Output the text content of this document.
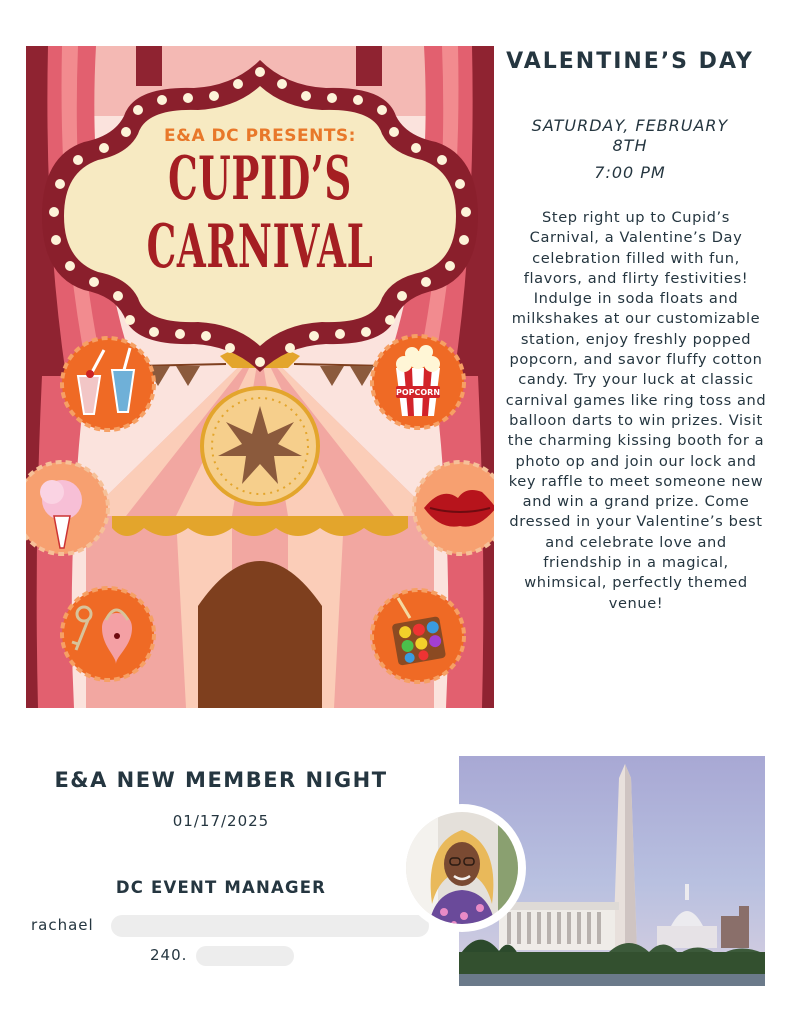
POPCORN
E&A DC PRESENTS:
CUPID’S
CARNIVAL
VALENTINE’S DAY
SATURDAY, FEBRUARY
8TH
7:00 PM
Step right up to Cupid’s Carnival, a Valentine’s Day celebration filled with fun, flavors, and flirty festivities! Indulge in soda floats and milkshakes at our customizable station, enjoy freshly popped popcorn, and savor fluffy cotton candy. Try your luck at classic carnival games like ring toss and balloon darts to win prizes. Visit the charming kissing booth for a photo op and join our lock and key raffle to meet someone new and win a grand prize. Come dressed in your Valentine’s best and celebrate love and friendship in a magical, whimsical, perfectly themed venue!
E&A NEW MEMBER NIGHT
01/17/2025
DC EVENT MANAGER
rachael
240.
